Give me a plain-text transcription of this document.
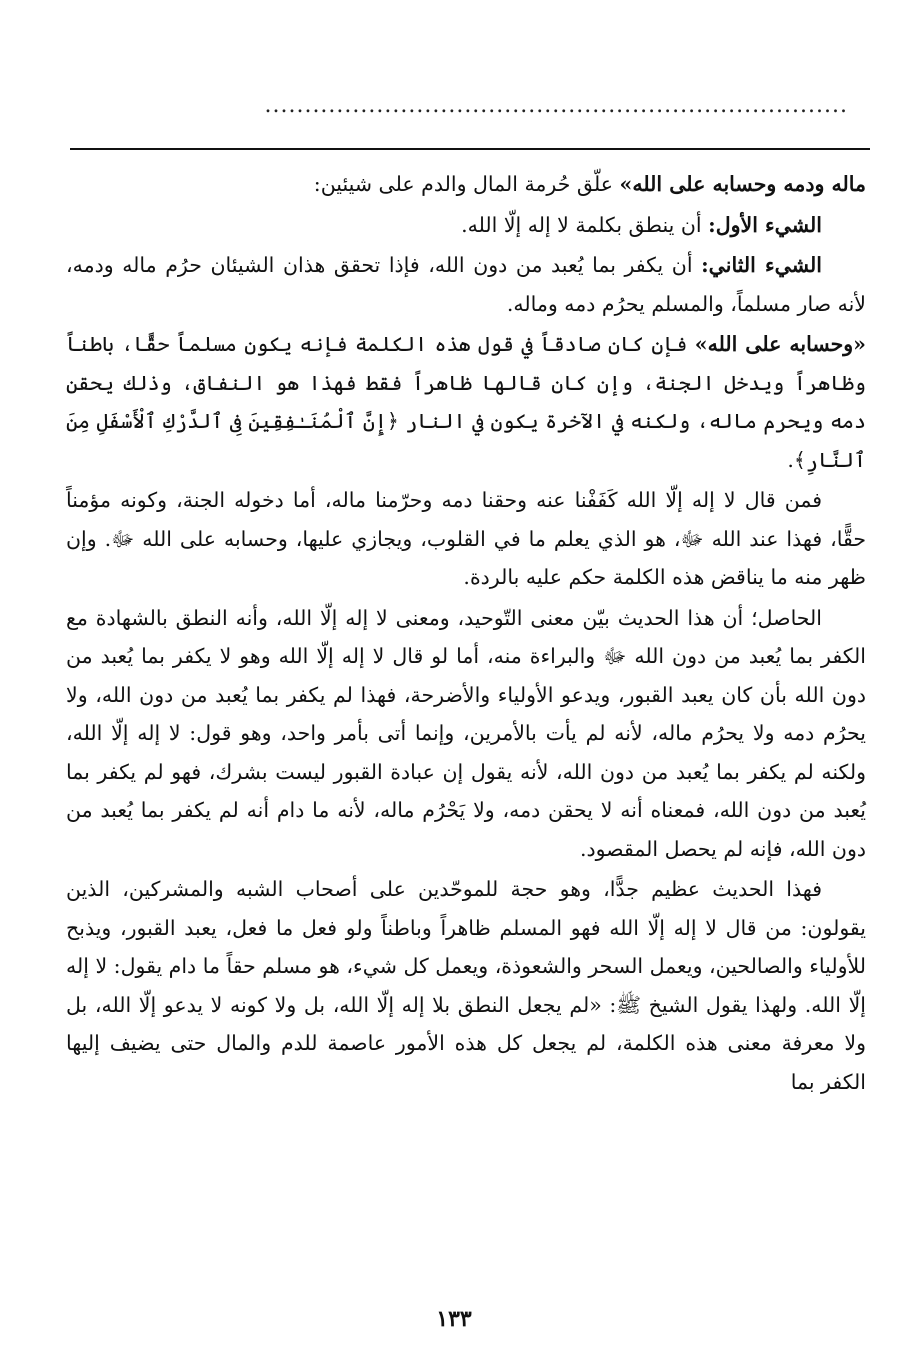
.........................................................................

ماله ودمه وحسابه على الله» علّق حُرمة المال والدم على شيئين:

الشيء الأول: أن ينطق بكلمة لا إله إلّا الله.

الشيء الثاني: أن يكفر بما يُعبد من دون الله، فإذا تحقق هذان الشيئان حرُم ماله ودمه، لأنه صار مسلماً، والمسلم يحرُم دمه وماله.

«وحسابه على الله» فإن كان صادقاً في قول هذه الكلمة فإنه يكون مسلماً حقًّا، باطناً وظاهراً ويدخل الجنة، وإن كان قالها ظاهراً فقط فهذا هو النفاق، وذلك يحقن دمه ويحرم ماله، ولكنه في الآخرة يكون في النار ﴿إِنَّ ٱلْمُنَـٰفِقِينَ فِى ٱلدَّرْكِ ٱلْأَسْفَلِ مِنَ ٱلنَّارِ﴾.

فمن قال لا إله إلّا الله كَفَفْنا عنه وحقنا دمه وحرّمنا ماله، أما دخوله الجنة، وكونه مؤمناً حقًّا، فهذا عند الله ﷻ، هو الذي يعلم ما في القلوب، ويجازي عليها، وحسابه على الله ﷻ. وإن ظهر منه ما يناقض هذه الكلمة حكم عليه بالردة.

الحاصل؛ أن هذا الحديث بيّن معنى التّوحيد، ومعنى لا إله إلّا الله، وأنه النطق بالشهادة مع الكفر بما يُعبد من دون الله ﷻ والبراءة منه، أما لو قال لا إله إلّا الله وهو لا يكفر بما يُعبد من دون الله بأن كان يعبد القبور، ويدعو الأولياء والأضرحة، فهذا لم يكفر بما يُعبد من دون الله، ولا يحرُم دمه ولا يحرُم ماله، لأنه لم يأت بالأمرين، وإنما أتى بأمر واحد، وهو قول: لا إله إلّا الله، ولكنه لم يكفر بما يُعبد من دون الله، لأنه يقول إن عبادة القبور ليست بشرك، فهو لم يكفر بما يُعبد من دون الله، فمعناه أنه لا يحقن دمه، ولا يَحْرُم ماله، لأنه ما دام أنه لم يكفر بما يُعبد من دون الله، فإنه لم يحصل المقصود.

فهذا الحديث عظيم جدًّا، وهو حجة للموحّدين على أصحاب الشبه والمشركين، الذين يقولون: من قال لا إله إلّا الله فهو المسلم ظاهراً وباطناً ولو فعل ما فعل، يعبد القبور، ويذبح للأولياء والصالحين، ويعمل السحر والشعوذة، ويعمل كل شيء، هو مسلم حقاً ما دام يقول: لا إله إلّا الله. ولهذا يقول الشيخ ﷺ: «لم يجعل النطق بلا إله إلّا الله، بل ولا كونه لا يدعو إلّا الله، بل ولا معرفة معنى هذه الكلمة، لم يجعل كل هذه الأمور عاصمة للدم والمال حتى يضيف إليها الكفر بما

١٣٣
